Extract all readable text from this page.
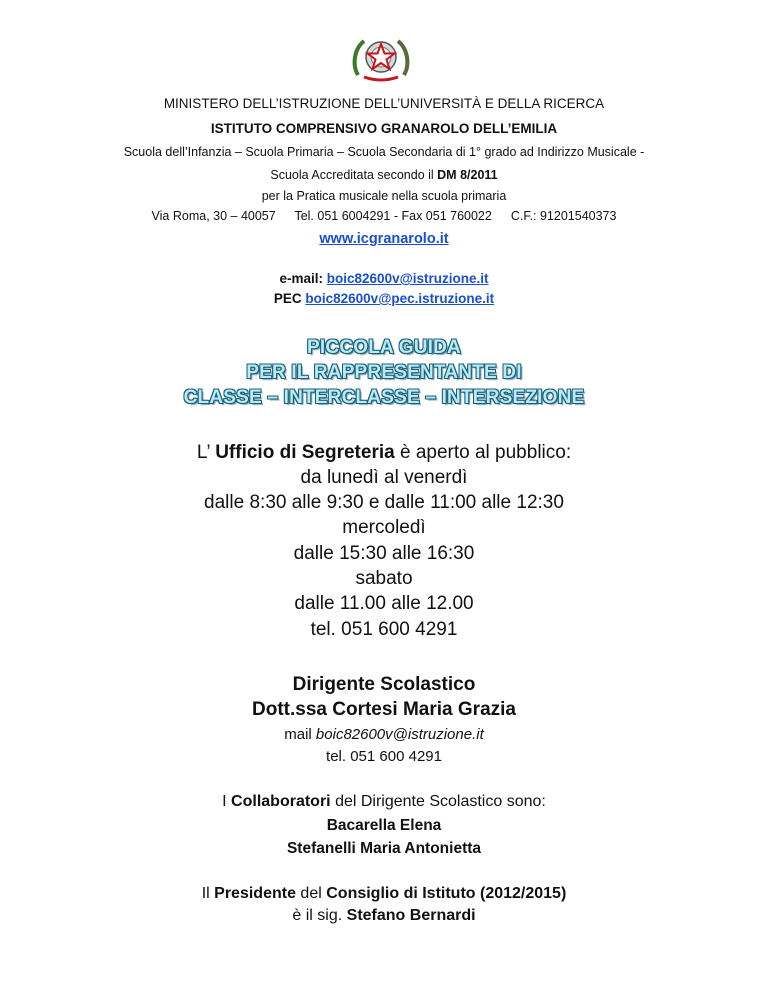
MINISTERO DELL’ISTRUZIONE DELL’UNIVERSITÀ E DELLA RICERCA
ISTITUTO COMPRENSIVO GRANAROLO DELL’EMILIA
Scuola dell’Infanzia – Scuola Primaria – Scuola Secondaria di 1° grado ad Indirizzo Musicale -
Scuola Accreditata secondo il DM 8/2011
per la Pratica musicale nella scuola primaria
Via Roma, 30 – 40057 Tel. 051 6004291 - Fax 051 760022 C.F.: 91201540373
www.icgranarolo.it
e-mail: boic82600v@istruzione.it
PEC boic82600v@pec.istruzione.it
PICCOLA GUIDA
PER IL RAPPRESENTANTE DI
CLASSE – INTERCLASSE – INTERSEZIONE
L’ Ufficio di Segreteria è aperto al pubblico:
da lunedì al venerdì
dalle 8:30 alle 9:30 e dalle 11:00 alle 12:30
mercoledì
dalle 15:30 alle 16:30
sabato
dalle 11.00 alle 12.00
tel. 051 600 4291
Dirigente Scolastico
Dott.ssa Cortesi Maria Grazia
mail boic82600v@istruzione.it
tel. 051 600 4291
I Collaboratori del Dirigente Scolastico sono:
Bacarella Elena
Stefanelli Maria Antonietta
Il Presidente del Consiglio di Istituto (2012/2015)
è il sig. Stefano Bernardi
